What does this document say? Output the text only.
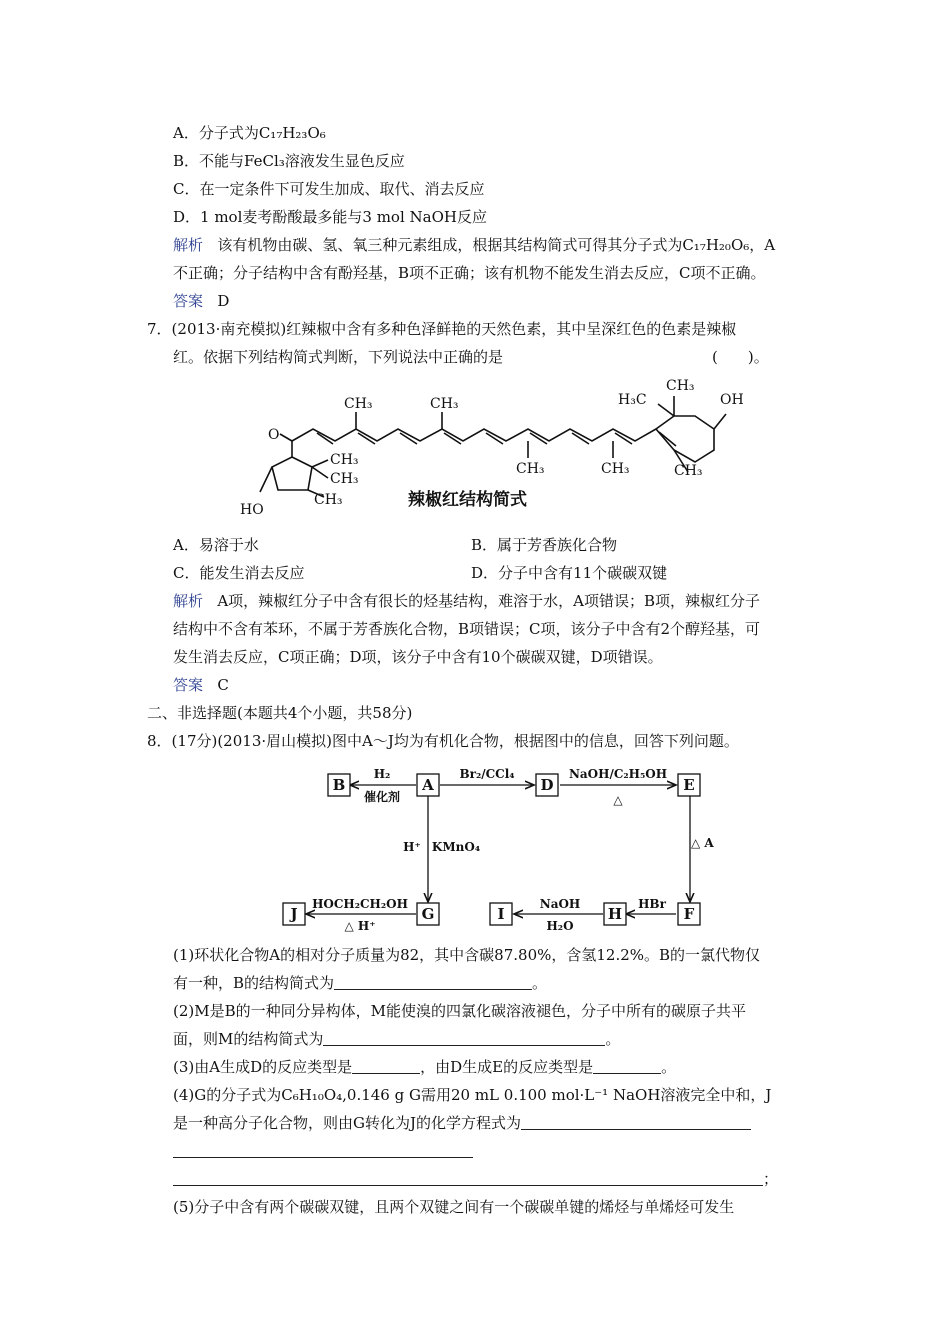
A．分子式为C₁₇H₂₃O₆
B．不能与FeCl₃溶液发生显色反应
C．在一定条件下可发生加成、取代、消去反应
D．1 mol麦考酚酸最多能与3 mol NaOH反应
解析 该有机物由碳、氢、氧三种元素组成，根据其结构简式可得其分子式为C₁₇H₂₀O₆，A
不正确；分子结构中含有酚羟基，B项不正确；该有机物不能发生消去反应，C项不正确。
答案 D
7．(2013·南充模拟)红辣椒中含有多种色泽鲜艳的天然色素，其中呈深红色的色素是辣椒
红。依据下列结构简式判断，下列说法中正确的是	(　　)。
O
HO
CH₃
CH₃
CH₃
CH₃	CH₃
CH₃	CH₃
CH₃
H₃C	OH
CH₃
辣椒红结构简式
A．易溶于水	B．属于芳香族化合物
C．能发生消去反应	D．分子中含有11个碳碳双键
解析 A项，辣椒红分子中含有很长的烃基结构，难溶于水，A项错误；B项，辣椒红分子
结构中不含有苯环，不属于芳香族化合物，B项错误；C项，该分子中含有2个醇羟基，可
发生消去反应，C项正确；D项，该分子中含有10个碳碳双键，D项错误。
答案 C
二、非选择题(本题共4个小题，共58分)
8．(17分)(2013·眉山模拟)图中A～J均为有机化合物，根据图中的信息，回答下列问题。
B	A	D	E
F
H
I
G
J
H₂
催化剂
Br₂/CCl₄	NaOH/C₂H₅OH
△
H⁺ KMnO₄	△ A
HBr
NaOH
H₂O
HOCH₂CH₂OH
△ H⁺
(1)环状化合物A的相对分子质量为82，其中含碳87.80%，含氢12.2%。B的一氯代物仅
有一种，B的结构简式为	。
(2)M是B的一种同分异构体，M能使溴的四氯化碳溶液褪色，分子中所有的碳原子共平
面，则M的结构简式为	。
(3)由A生成D的反应类型是	，由D生成E的反应类型是	。
(4)G的分子式为C₆H₁₀O₄,0.146 g G需用20 mL 0.100 mol·L⁻¹ NaOH溶液完全中和，J
是一种高分子化合物，则由G转化为J的化学方程式为
；
(5)分子中含有两个碳碳双键，且两个双键之间有一个碳碳单键的烯烃与单烯烃可发生
